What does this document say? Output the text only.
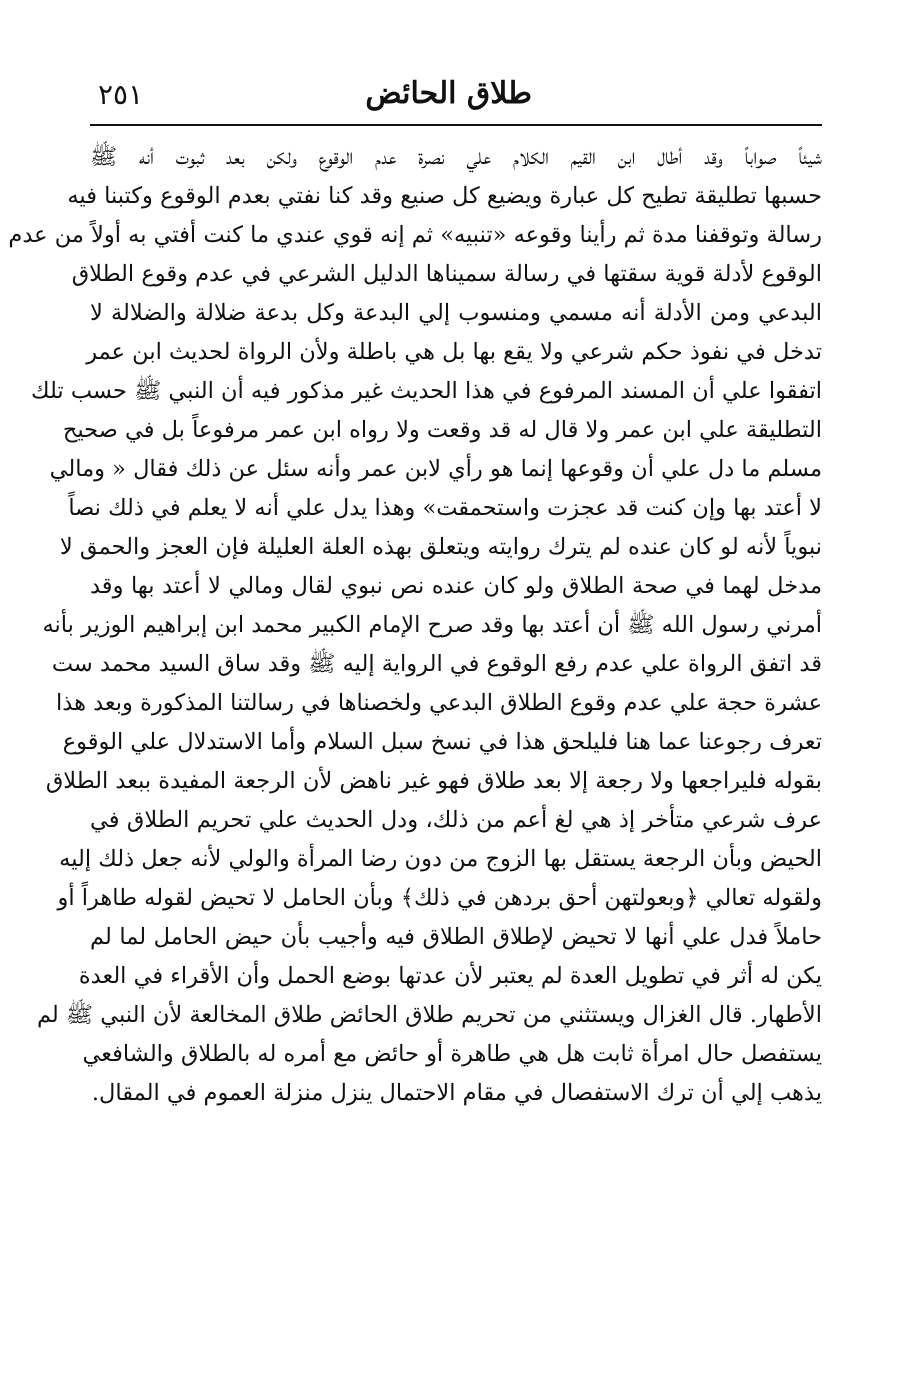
طلاق الحائض
٢٥١
شيئاً صواباً وقد أطال ابن القيم الكلام علي نصرة عدم الوقوع ولكن بعد ثبوت أنه ﷺ
حسبها تطليقة تطيح كل عبارة ويضيع كل صنيع وقد كنا نفتي بعدم الوقوع وكتبنا فيه
رسالة وتوقفنا مدة ثم رأينا وقوعه «تنبيه» ثم إنه قوي عندي ما كنت أفتي به أولاً من عدم
الوقوع لأدلة قوية سقتها في رسالة سميناها الدليل الشرعي في عدم وقوع الطلاق
البدعي ومن الأدلة أنه مسمي ومنسوب إلي البدعة وكل بدعة ضلالة والضلالة لا
تدخل في نفوذ حكم شرعي ولا يقع بها بل هي باطلة ولأن الرواة لحديث ابن عمر
اتفقوا علي أن المسند المرفوع في هذا الحديث غير مذكور فيه أن النبي ﷺ حسب تلك
التطليقة علي ابن عمر ولا قال له قد وقعت ولا رواه ابن عمر مرفوعاً بل في صحيح
مسلم ما دل علي أن وقوعها إنما هو رأي لابن عمر وأنه سئل عن ذلك فقال « ومالي
لا أعتد بها وإن كنت قد عجزت واستحمقت» وهذا يدل علي أنه لا يعلم في ذلك نصاً
نبوياً لأنه لو كان عنده لم يترك روايته ويتعلق بهذه العلة العليلة فإن العجز والحمق لا
مدخل لهما في صحة الطلاق ولو كان عنده نص نبوي لقال ومالي لا أعتد بها وقد
أمرني رسول الله ﷺ أن أعتد بها وقد صرح الإمام الكبير محمد ابن إبراهيم الوزير بأنه
قد اتفق الرواة علي عدم رفع الوقوع في الرواية إليه ﷺ وقد ساق السيد محمد ست
عشرة حجة علي عدم وقوع الطلاق البدعي ولخصناها في رسالتنا المذكورة وبعد هذا
تعرف رجوعنا عما هنا فليلحق هذا في نسخ سبل السلام وأما الاستدلال علي الوقوع
بقوله فليراجعها ولا رجعة إلا بعد طلاق فهو غير ناهض لأن الرجعة المفيدة ببعد الطلاق
عرف شرعي متأخر إذ هي لغ أعم من ذلك، ودل الحديث علي تحريم الطلاق في
الحيض وبأن الرجعة يستقل بها الزوج من دون رضا المرأة والولي لأنه جعل ذلك إليه
ولقوله تعالي ﴿وبعولتهن أحق بردهن في ذلك﴾ وبأن الحامل لا تحيض لقوله طاهراً أو
حاملاً فدل علي أنها لا تحيض لإطلاق الطلاق فيه وأجيب بأن حيض الحامل لما لم
يكن له أثر في تطويل العدة لم يعتبر لأن عدتها بوضع الحمل وأن الأقراء في العدة
الأطهار. قال الغزال ويستثني من تحريم طلاق الحائض طلاق المخالعة لأن النبي ﷺ لم
يستفصل حال امرأة ثابت هل هي طاهرة أو حائض مع أمره له بالطلاق والشافعي
يذهب إلي أن ترك الاستفصال في مقام الاحتمال ينزل منزلة العموم في المقال.
